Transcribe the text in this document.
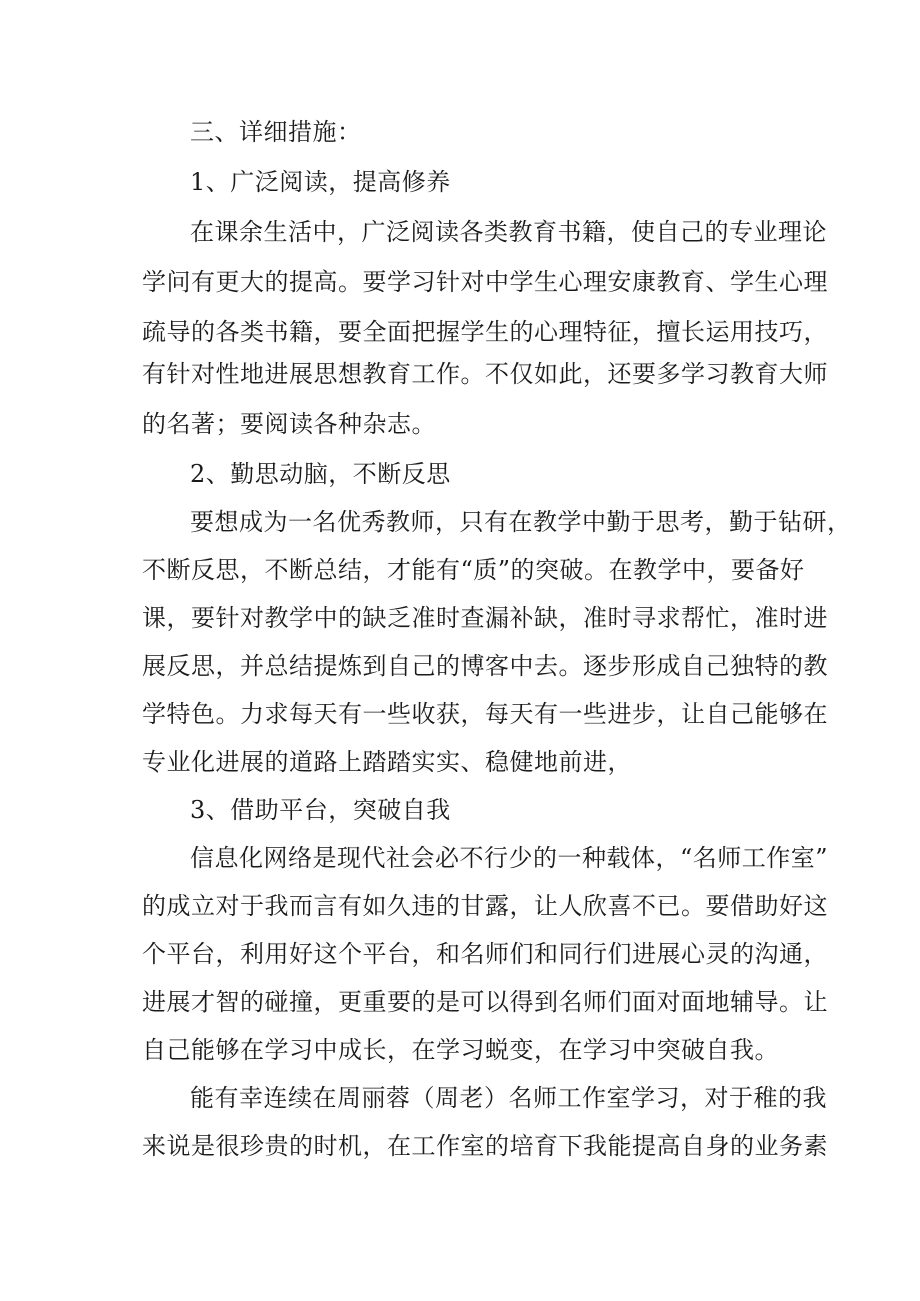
三、详细措施：
1、广泛阅读，提高修养
在课余生活中，广泛阅读各类教育书籍，使自己的专业理论
学问有更大的提高。要学习针对中学生心理安康教育、学生心理
疏导的各类书籍，要全面把握学生的心理特征，擅长运用技巧，
有针对性地进展思想教育工作。不仅如此，还要多学习教育大师
的名著；要阅读各种杂志。
2、勤思动脑，不断反思
要想成为一名优秀教师，只有在教学中勤于思考，勤于钻研，
不断反思，不断总结，才能有“质”的突破。在教学中，要备好
课，要针对教学中的缺乏准时查漏补缺，准时寻求帮忙，准时进
展反思，并总结提炼到自己的博客中去。逐步形成自己独特的教
学特色。力求每天有一些收获，每天有一些进步，让自己能够在
专业化进展的道路上踏踏实实、稳健地前进，
3、借助平台，突破自我
信息化网络是现代社会必不行少的一种载体，“名师工作室”
的成立对于我而言有如久违的甘露，让人欣喜不已。要借助好这
个平台，利用好这个平台，和名师们和同行们进展心灵的沟通，
进展才智的碰撞，更重要的是可以得到名师们面对面地辅导。让
自己能够在学习中成长，在学习蜕变，在学习中突破自我。
能有幸连续在周丽蓉（周老）名师工作室学习，对于稚的我
来说是很珍贵的时机，在工作室的培育下我能提高自身的业务素
